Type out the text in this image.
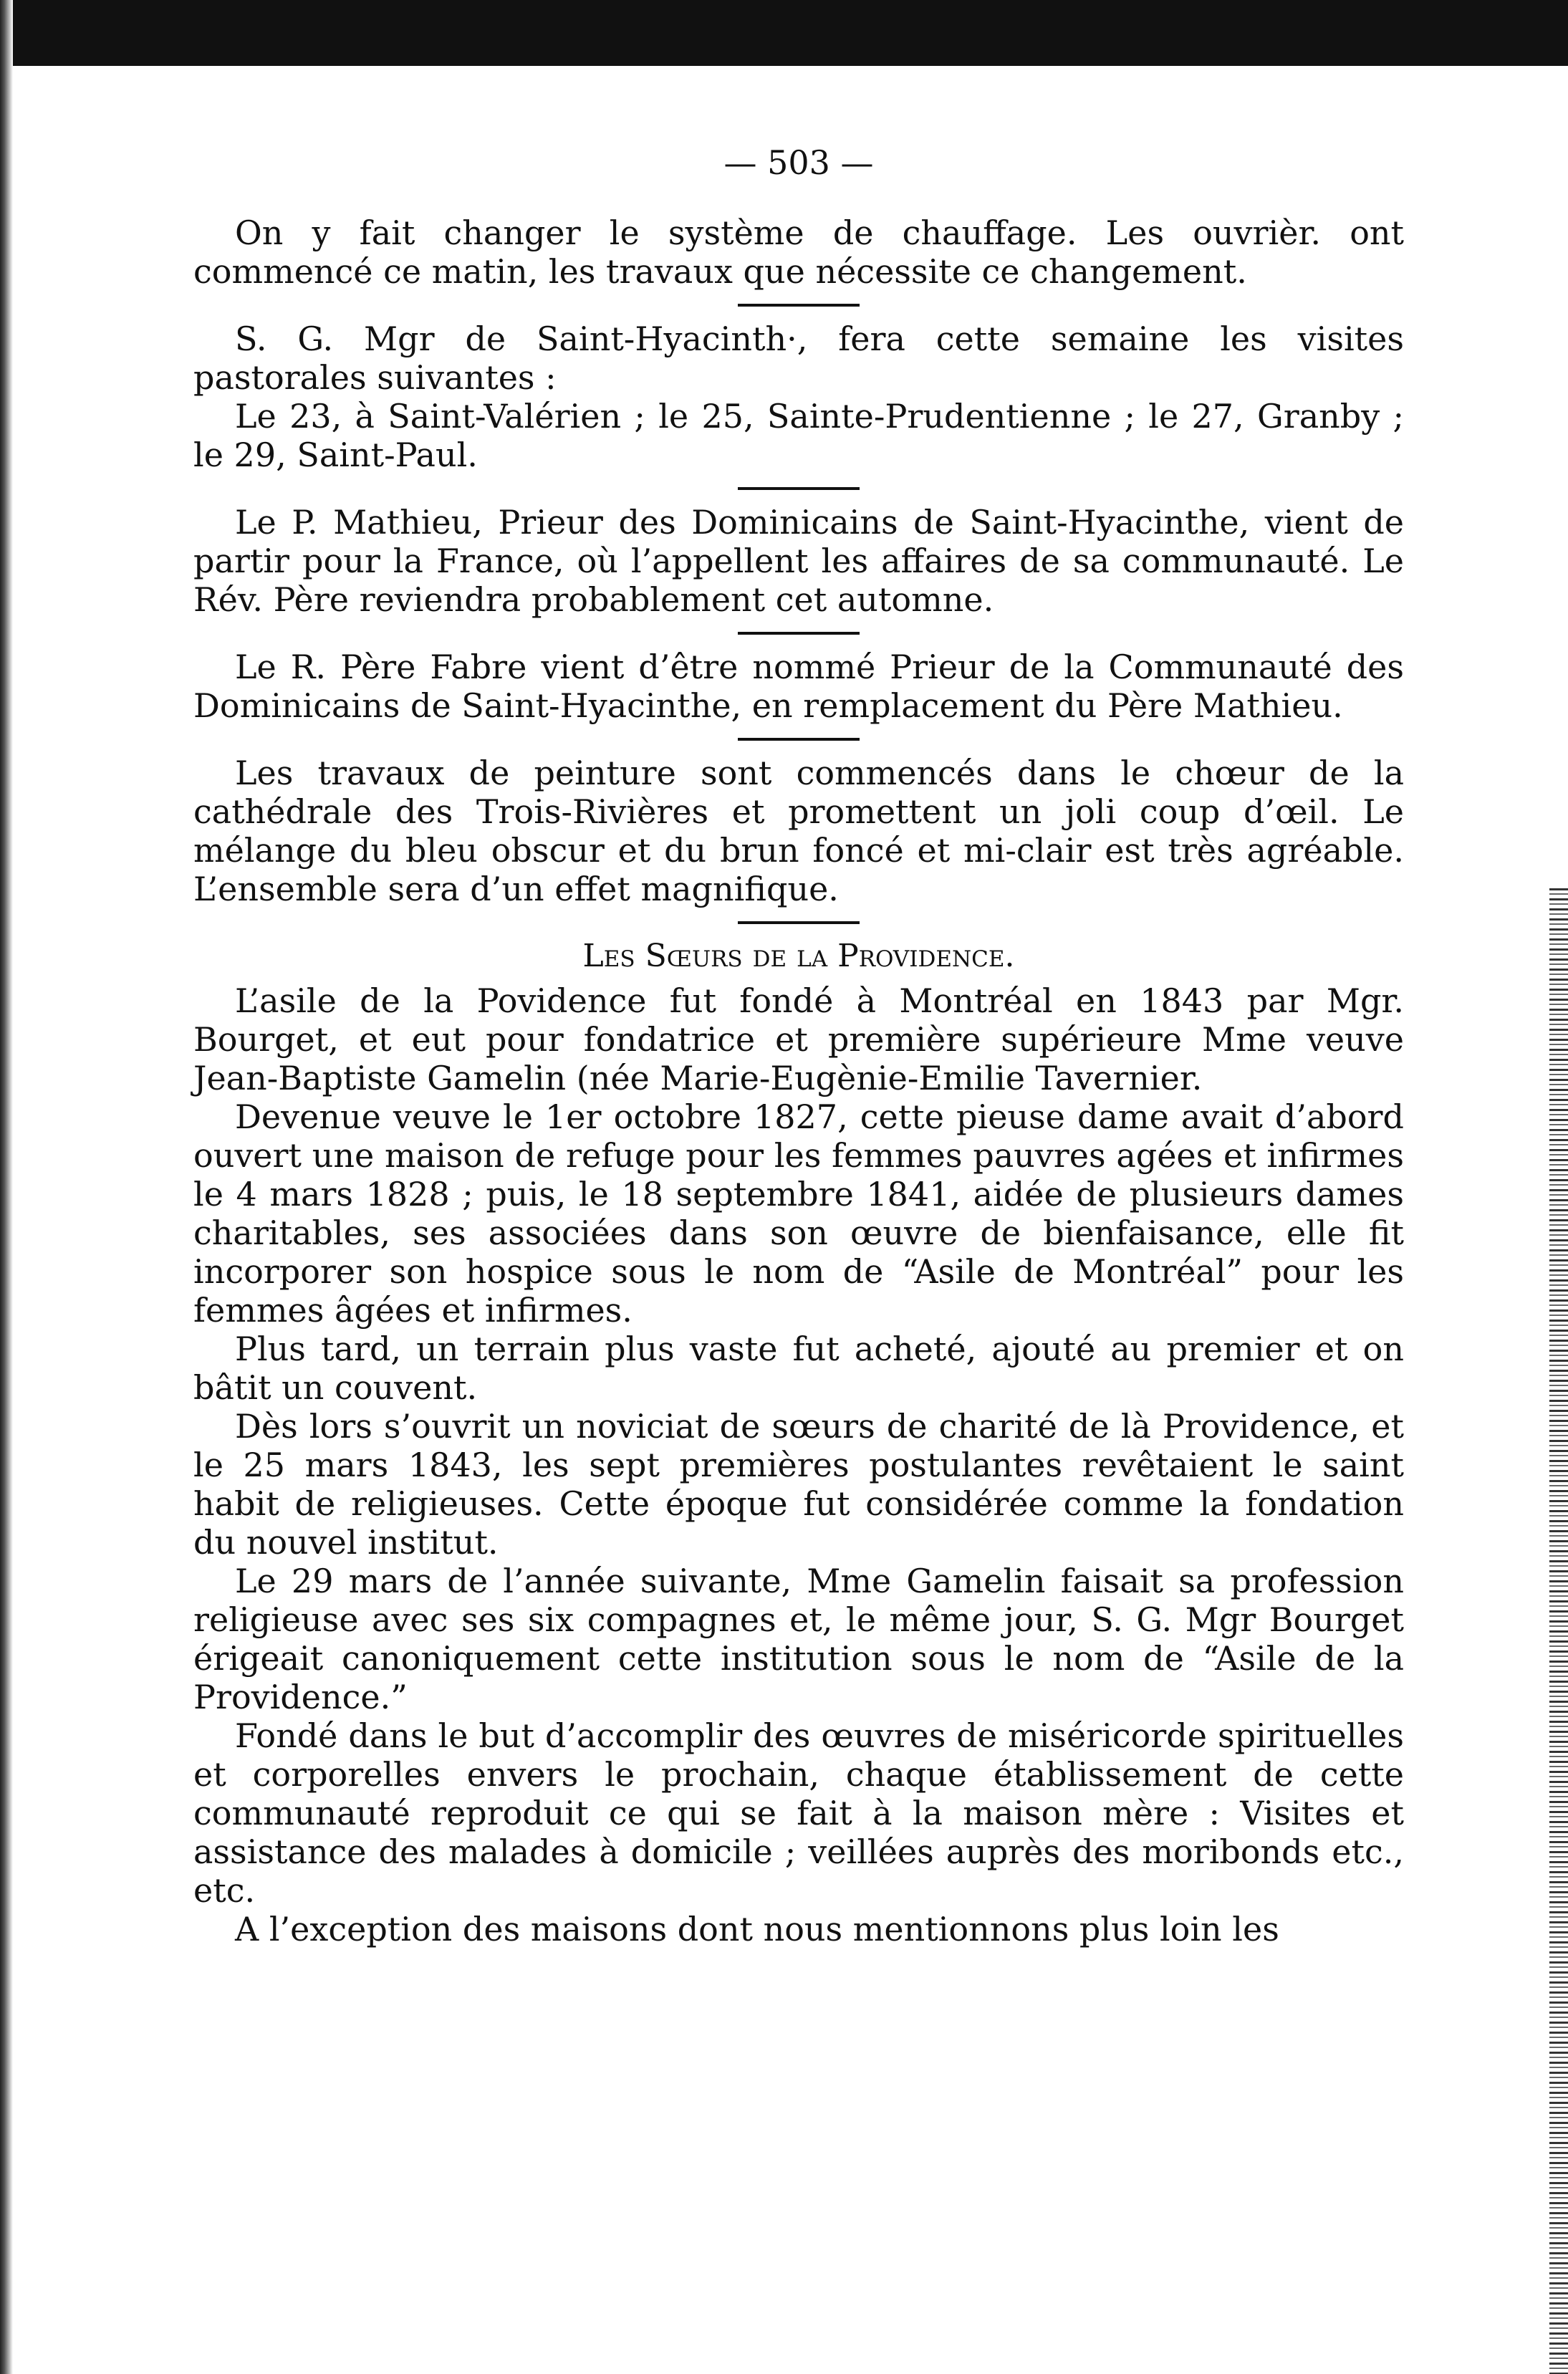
— 503 —

On y fait changer le système de chauffage. Les ouvrièr. ont commencé ce matin, les travaux que nécessite ce changement.

S. G. Mgr de Saint-Hyacinth·, fera cette semaine les visites pastorales suivantes :

Le 23, à Saint-Valérien ; le 25, Sainte-Prudentienne ; le 27, Granby ; le 29, Saint-Paul.

Le P. Mathieu, Prieur des Dominicains de Saint-Hyacinthe, vient de partir pour la France, où l’appellent les affaires de sa communauté. Le Rév. Père reviendra probablement cet automne.

Le R. Père Fabre vient d’être nommé Prieur de la Communauté des Dominicains de Saint-Hyacinthe, en remplacement du Père Mathieu.

Les travaux de peinture sont commencés dans le chœur de la cathédrale des Trois-Rivières et promettent un joli coup d’œil. Le mélange du bleu obscur et du brun foncé et mi-clair est très agréable. L’ensemble sera d’un effet magnifique.

Les Sœurs de la Providence.

L’asile de la Povidence fut fondé à Montréal en 1843 par Mgr. Bourget, et eut pour fondatrice et première supérieure Mme veuve Jean-Baptiste Gamelin (née Marie-Eugènie-Emilie Tavernier.

Devenue veuve le 1er octobre 1827, cette pieuse dame avait d’abord ouvert une maison de refuge pour les femmes pauvres agées et infirmes le 4 mars 1828 ; puis, le 18 septembre 1841, aidée de plusieurs dames charitables, ses associées dans son œuvre de bienfaisance, elle fit incorporer son hospice sous le nom de “Asile de Montréal” pour les femmes âgées et infirmes.

Plus tard, un terrain plus vaste fut acheté, ajouté au premier et on bâtit un couvent.

Dès lors s’ouvrit un noviciat de sœurs de charité de là Providence, et le 25 mars 1843, les sept premières postulantes revêtaient le saint habit de religieuses. Cette époque fut considérée comme la fondation du nouvel institut.

Le 29 mars de l’année suivante, Mme Gamelin faisait sa profession religieuse avec ses six compagnes et, le même jour, S. G. Mgr Bourget érigeait canoniquement cette institution sous le nom de “Asile de la Providence.”

Fondé dans le but d’accomplir des œuvres de miséricorde spirituelles et corporelles envers le prochain, chaque établissement de cette communauté reproduit ce qui se fait à la maison mère : Visites et assistance des malades à domicile ; veillées auprès des moribonds etc., etc.

A l’exception des maisons dont nous mentionnons plus loin les
